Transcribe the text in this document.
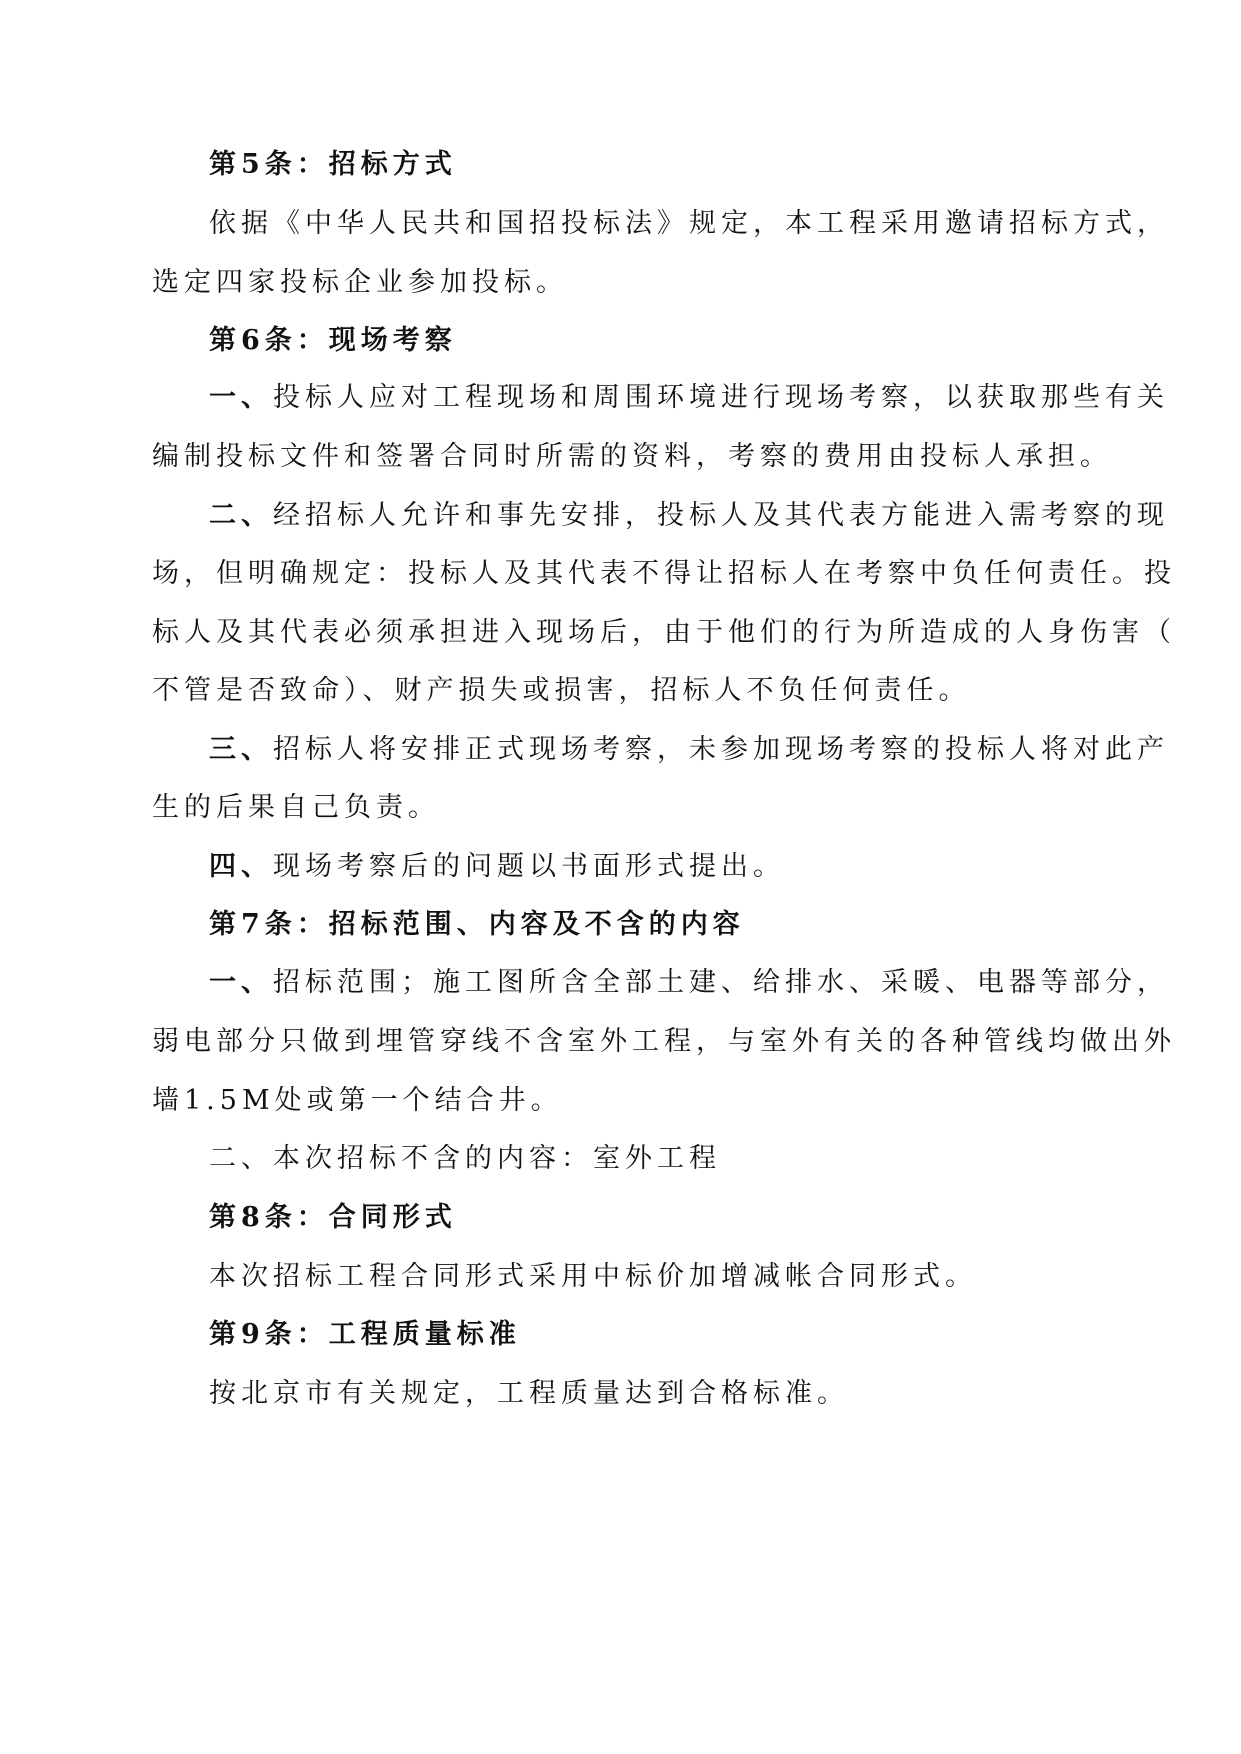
第5条：招标方式
依据《中华人民共和国招投标法》规定，本工程采用邀请招标方式，
选定四家投标企业参加投标。
第6条：现场考察
一、投标人应对工程现场和周围环境进行现场考察，以获取那些有关
编制投标文件和签署合同时所需的资料，考察的费用由投标人承担。
二、经招标人允许和事先安排，投标人及其代表方能进入需考察的现
场，但明确规定：投标人及其代表不得让招标人在考察中负任何责任。投
标人及其代表必须承担进入现场后，由于他们的行为所造成的人身伤害（
不管是否致命）、财产损失或损害，招标人不负任何责任。
三、招标人将安排正式现场考察，未参加现场考察的投标人将对此产
生的后果自己负责。
四、现场考察后的问题以书面形式提出。
第7条：招标范围、内容及不含的内容
一、招标范围；施工图所含全部土建、给排水、采暖、电器等部分，
弱电部分只做到埋管穿线不含室外工程，与室外有关的各种管线均做出外
墙1.5M处或第一个结合井。
二、本次招标不含的内容：室外工程
第8条：合同形式
本次招标工程合同形式采用中标价加增减帐合同形式。
第9条：工程质量标准
按北京市有关规定，工程质量达到合格标准。
